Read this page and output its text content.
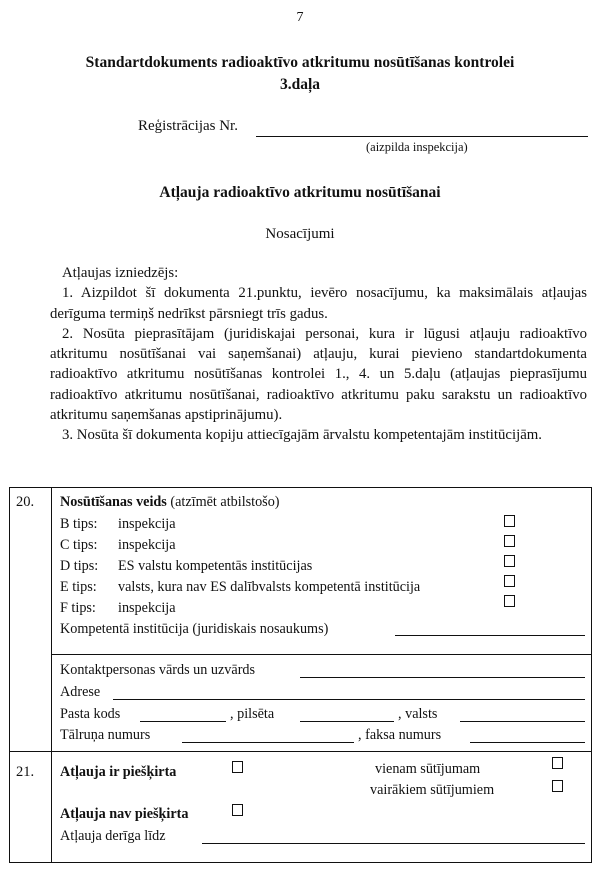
7
Standartdokuments radioaktīvo atkritumu nosūtīšanas kontrolei
3.daļa
Reģistrācijas Nr.
(aizpilda inspekcija)
Atļauja radioaktīvo atkritumu nosūtīšanai
Nosacījumi

Atļaujas izniedzējs:

1. Aizpildot šī dokumenta 21.punktu, ievēro nosacījumu, ka maksimālais atļaujas derīguma termiņš nedrīkst pārsniegt trīs gadus.

2. Nosūta pieprasītājam (juridiskajai personai, kura ir lūgusi atļauju radioaktīvo atkritumu nosūtīšanai vai saņemšanai) atļauju, kurai pievieno standartdokumenta radioaktīvo atkritumu nosūtīšanas kontrolei 1., 4. un 5.daļu (atļaujas pieprasījumu radioaktīvo atkritumu nosūtīšanai, radioaktīvo atkritumu paku sarakstu un radioaktīvo atkritumu saņemšanas apstiprinājumu).

3. Nosūta šī dokumenta kopiju attiecīgajām ārvalstu kompetentajām institūcijām.

20. Nosūtīšanas veids (atzīmēt atbilstošo)
B tips: inspekcija
C tips: inspekcija
D tips: ES valstu kompetentās institūcijas
E tips: valsts, kura nav ES dalībvalsts kompetentā institūcija
F tips: inspekcija
Kompetentā institūcija (juridiskais nosaukums)
Kontaktpersonas vārds un uzvārds
Adrese
Pasta kods	, pilsēta	, valsts
Tālruņa numurs	, faksa numurs
21. Atļauja ir piešķirta	vienam sūtījumam
vairākiem sūtījumiem
Atļauja nav piešķirta
Atļauja derīga līdz
